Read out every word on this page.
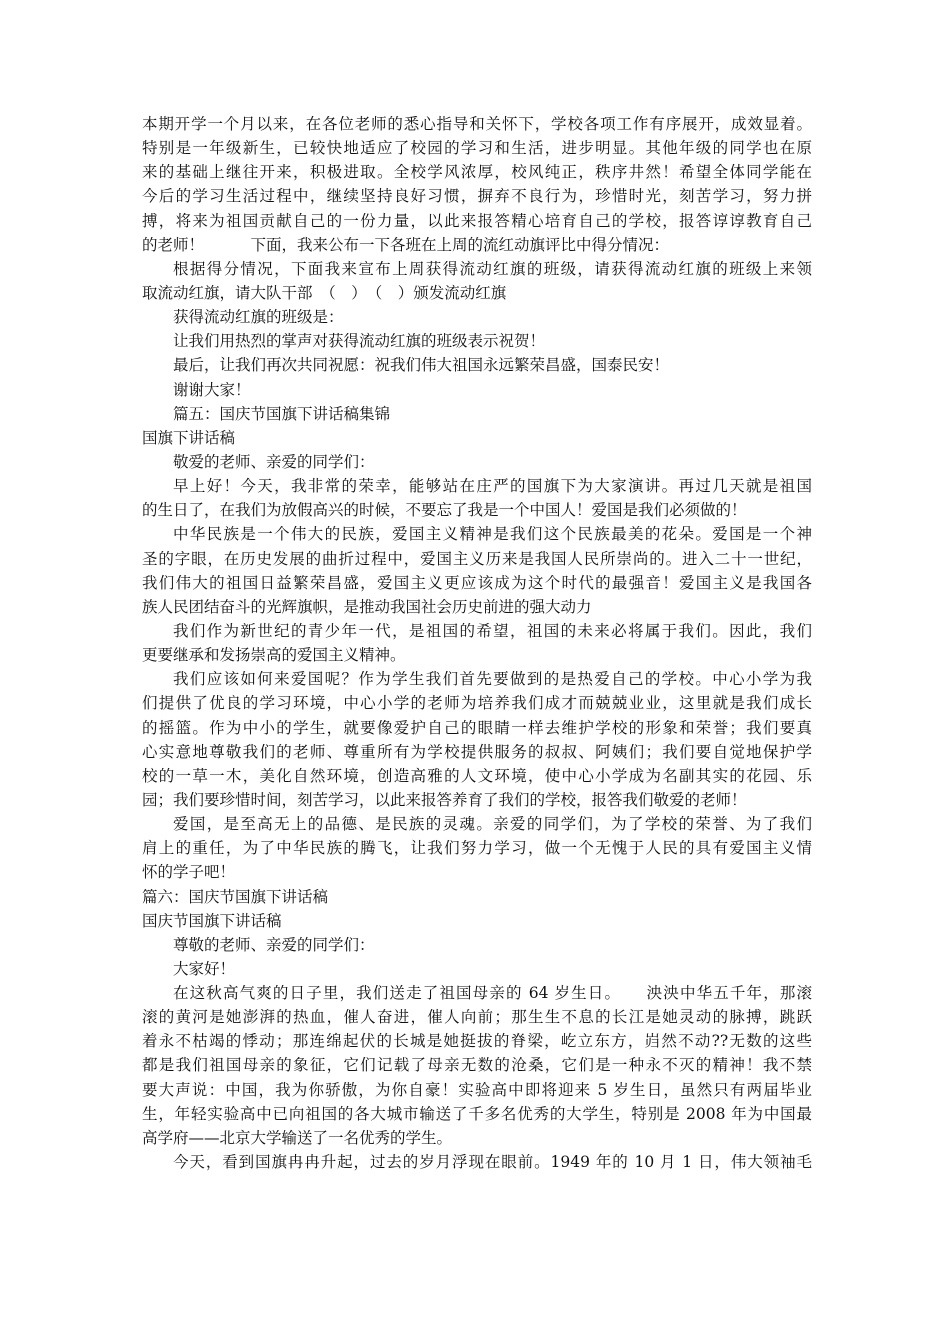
本期开学一个月以来，在各位老师的悉心指导和关怀下，学校各项工作有序展开，成效显着。
特别是一年级新生，已较快地适应了校园的学习和生活，进步明显。其他年级的同学也在原
来的基础上继往开来，积极进取。全校学风浓厚，校风纯正，秩序井然！希望全体同学能在
今后的学习生活过程中，继续坚持良好习惯，摒弃不良行为，珍惜时光，刻苦学习，努力拼
搏，将来为祖国贡献自己的一份力量，以此来报答精心培育自己的学校，报答谆谆教育自己
的老师！　　　下面，我来公布一下各班在上周的流红动旗评比中得分情况：
根据得分情况，下面我来宣布上周获得流动红旗的班级，请获得流动红旗的班级上来领
取流动红旗，请大队干部　（　）　（　）颁发流动红旗
获得流动红旗的班级是：
让我们用热烈的掌声对获得流动红旗的班级表示祝贺！
最后，让我们再次共同祝愿：祝我们伟大祖国永远繁荣昌盛，国泰民安！
谢谢大家！
篇五：国庆节国旗下讲话稿集锦
国旗下讲话稿
敬爱的老师、亲爱的同学们：
早上好！今天，我非常的荣幸，能够站在庄严的国旗下为大家演讲。再过几天就是祖国
的生日了，在我们为放假高兴的时候，不要忘了我是一个中国人！爱国是我们必须做的！
中华民族是一个伟大的民族，爱国主义精神是我们这个民族最美的花朵。爱国是一个神
圣的字眼，在历史发展的曲折过程中，爱国主义历来是我国人民所崇尚的。进入二十一世纪，
我们伟大的祖国日益繁荣昌盛，爱国主义更应该成为这个时代的最强音！爱国主义是我国各
族人民团结奋斗的光辉旗帜，是推动我国社会历史前进的强大动力
我们作为新世纪的青少年一代，是祖国的希望，祖国的未来必将属于我们。因此，我们
更要继承和发扬崇高的爱国主义精神。
我们应该如何来爱国呢？作为学生我们首先要做到的是热爱自己的学校。中心小学为我
们提供了优良的学习环境，中心小学的老师为培养我们成才而兢兢业业，这里就是我们成长
的摇篮。作为中小的学生，就要像爱护自己的眼睛一样去维护学校的形象和荣誉；我们要真
心实意地尊敬我们的老师、尊重所有为学校提供服务的叔叔、阿姨们；我们要自觉地保护学
校的一草一木，美化自然环境，创造高雅的人文环境，使中心小学成为名副其实的花园、乐
园；我们要珍惜时间，刻苦学习，以此来报答养育了我们的学校，报答我们敬爱的老师！
爱国，是至高无上的品德、是民族的灵魂。亲爱的同学们，为了学校的荣誉、为了我们
肩上的重任，为了中华民族的腾飞，让我们努力学习，做一个无愧于人民的具有爱国主义情
怀的学子吧！
篇六：国庆节国旗下讲话稿
国庆节国旗下讲话稿
尊敬的老师、亲爱的同学们：
大家好！
在这秋高气爽的日子里，我们送走了祖国母亲的 64 岁生日。　　泱泱中华五千年，那滚
滚的黄河是她澎湃的热血，催人奋进，催人向前；那生生不息的长江是她灵动的脉搏，跳跃
着永不枯竭的悸动；那连绵起伏的长城是她挺拔的脊梁，屹立东方，岿然不动??无数的这些
都是我们祖国母亲的象征，它们记载了母亲无数的沧桑，它们是一种永不灭的精神！我不禁
要大声说：中国，我为你骄傲，为你自豪！实验高中即将迎来 5 岁生日，虽然只有两届毕业
生，年轻实验高中已向祖国的各大城市输送了千多名优秀的大学生，特别是 2008 年为中国最
高学府——北京大学输送了一名优秀的学生。
今天，看到国旗冉冉升起，过去的岁月浮现在眼前。1949 年的 10 月 1 日，伟大领袖毛
